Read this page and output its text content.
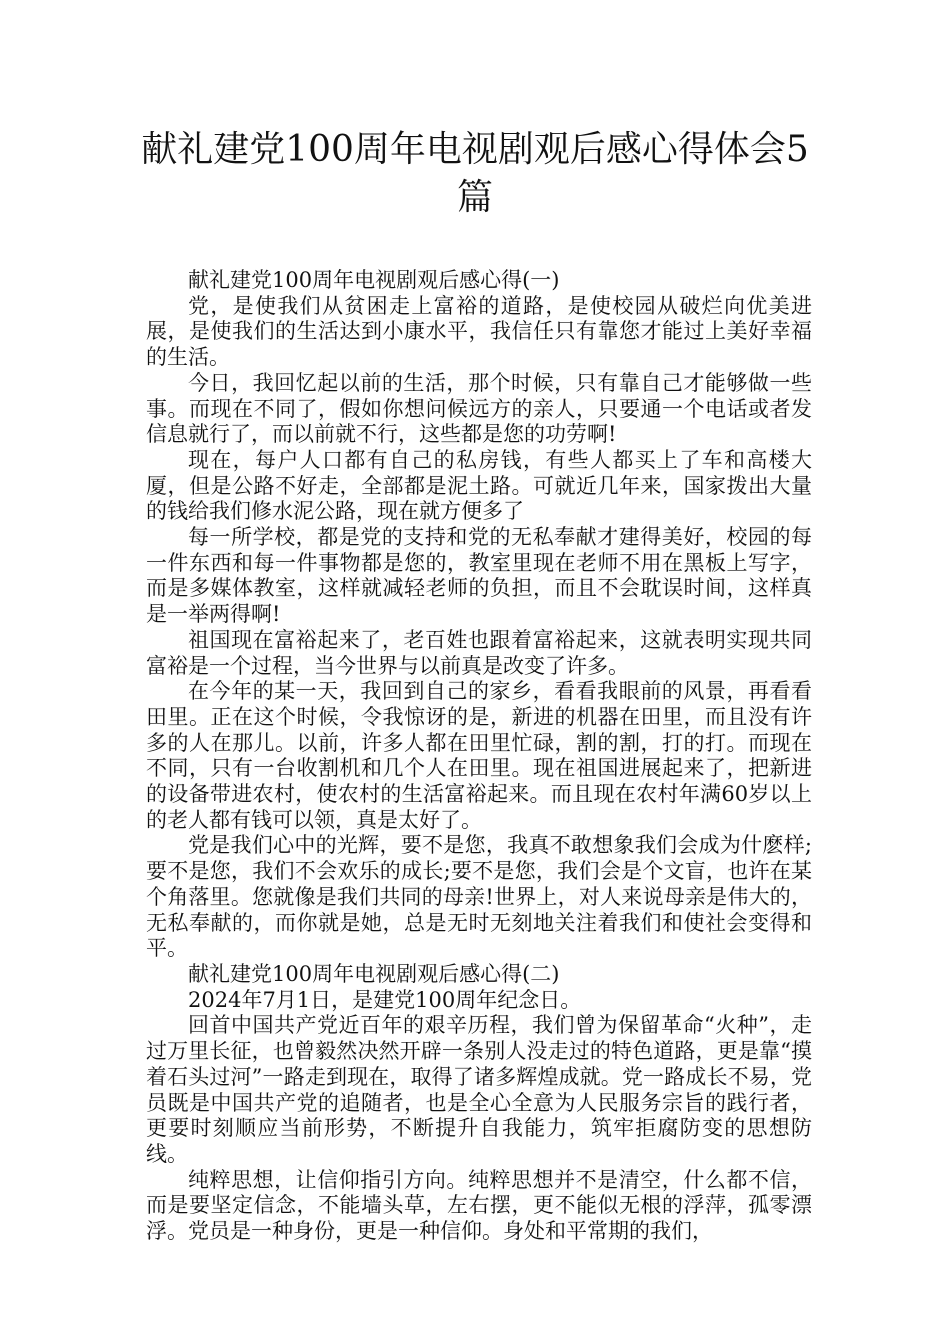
献礼建党100周年电视剧观后感心得体会5篇

献礼建党100周年电视剧观后感心得(一)

党，是使我们从贫困走上富裕的道路，是使校园从破烂向优美进展，是使我们的生活达到小康水平，我信任只有靠您才能过上美好幸福的生活。

今日，我回忆起以前的生活，那个时候，只有靠自己才能够做一些事。而现在不同了，假如你想问候远方的亲人，只要通一个电话或者发信息就行了，而以前就不行，这些都是您的功劳啊!

现在，每户人口都有自己的私房钱，有些人都买上了车和高楼大厦，但是公路不好走，全部都是泥土路。可就近几年来，国家拨出大量的钱给我们修水泥公路，现在就方便多了

每一所学校，都是党的支持和党的无私奉献才建得美好，校园的每一件东西和每一件事物都是您的，教室里现在老师不用在黑板上写字，而是多媒体教室，这样就减轻老师的负担，而且不会耽误时间，这样真是一举两得啊!

祖国现在富裕起来了，老百姓也跟着富裕起来，这就表明实现共同富裕是一个过程，当今世界与以前真是改变了许多。

在今年的某一天，我回到自己的家乡，看看我眼前的风景，再看看田里。正在这个时候，令我惊讶的是，新进的机器在田里，而且没有许多的人在那儿。以前，许多人都在田里忙碌，割的割，打的打。而现在不同，只有一台收割机和几个人在田里。现在祖国进展起来了，把新进的设备带进农村，使农村的生活富裕起来。而且现在农村年满60岁以上的老人都有钱可以领，真是太好了。

党是我们心中的光辉，要不是您，我真不敢想象我们会成为什麽样;要不是您，我们不会欢乐的成长;要不是您，我们会是个文盲，也许在某个角落里。您就像是我们共同的母亲!世界上，对人来说母亲是伟大的，无私奉献的，而你就是她，总是无时无刻地关注着我们和使社会变得和平。

献礼建党100周年电视剧观后感心得(二)

2024年7月1日，是建党100周年纪念日。

回首中国共产党近百年的艰辛历程，我们曾为保留革命“火种”，走过万里长征，也曾毅然决然开辟一条别人没走过的特色道路，更是靠“摸着石头过河”一路走到现在，取得了诸多辉煌成就。党一路成长不易，党员既是中国共产党的追随者，也是全心全意为人民服务宗旨的践行者，更要时刻顺应当前形势，不断提升自我能力，筑牢拒腐防变的思想防线。

纯粹思想，让信仰指引方向。纯粹思想并不是清空，什么都不信，而是要坚定信念，不能墙头草，左右摆，更不能似无根的浮萍，孤零漂浮。党员是一种身份，更是一种信仰。身处和平常期的我们，
